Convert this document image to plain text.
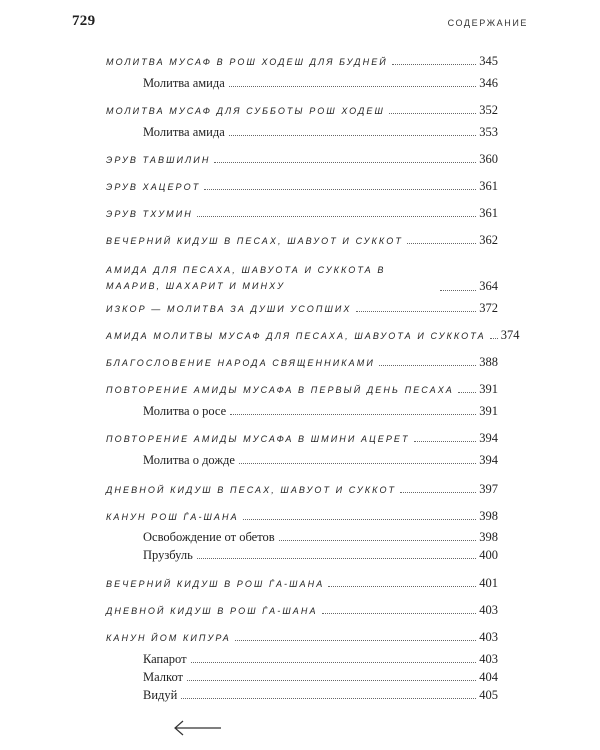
729	СОДЕРЖАНИЕ
МОЛИТВА МУСАФ В РОШ ХОДЕШ ДЛЯ БУДНЕЙ	345
Молитва амида	346
МОЛИТВА МУСАФ ДЛЯ СУББОТЫ РОШ ХОДЕШ	352
Молитва амида	353
ЭРУВ ТАВШИЛИН	360
ЭРУВ ХАЦЕРОТ	361
ЭРУВ ТХУМИН	361
ВЕЧЕРНИЙ КИДУШ В ПЕСАХ, ШАВУОТ И СУККОТ	362
АМИДА ДЛЯ ПЕСАХА, ШАВУОТА И СУККОТА В МААРИВ, ШАХАРИТ И МИНХУ	364
ИЗКОР — МОЛИТВА ЗА ДУШИ УСОПШИХ	372
АМИДА МОЛИТВЫ МУСАФ ДЛЯ ПЕСАХА, ШАВУОТА И СУККОТА 374
БЛАГОСЛОВЕНИЕ НАРОДА СВЯЩЕННИКАМИ	388
ПОВТОРЕНИЕ АМИДЫ МУСАФА В ПЕРВЫЙ ДЕНЬ ПЕСАХА 391
Молитва о росе	391
ПОВТОРЕНИЕ АМИДЫ МУСАФА В ШМИНИ АЦЕРЕТ	394
Молитва о дожде	394
ДНЕВНОЙ КИДУШ В ПЕСАХ, ШАВУОТ И СУККОТ	397
КАНУН РОШ ЃА-ШАНА	398
Освобождение от обетов	398
Прузбуль	400
ВЕЧЕРНИЙ КИДУШ В РОШ ЃА-ШАНА	401
ДНЕВНОЙ КИДУШ В РОШ ЃА-ШАНА	403
КАНУН ЙОМ КИПУРА	403
Капарот	403
Малкот	404
Видуй	405
